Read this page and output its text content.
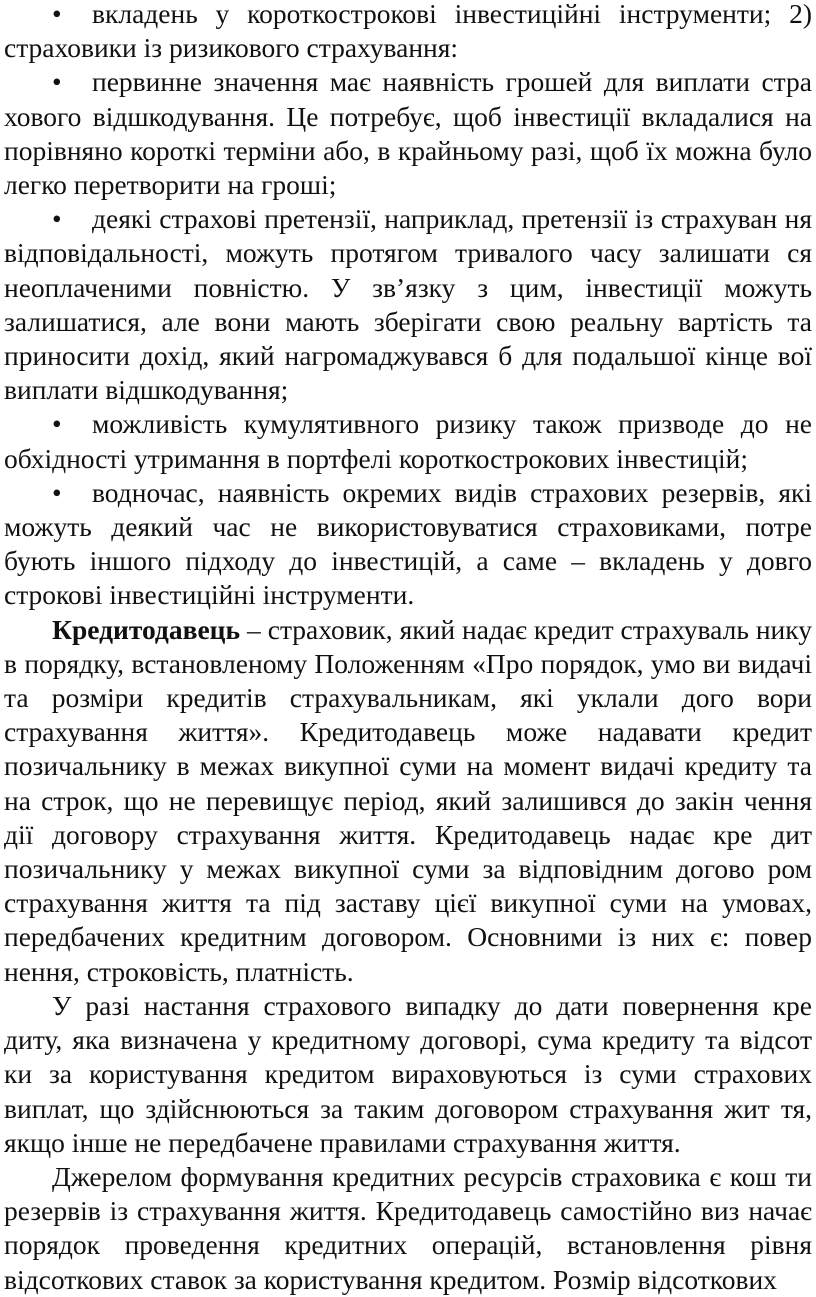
• вкладень у короткострокові інвестиційні інструменти; 2) страховики із ризикового страхування:

• первинне значення має наявність грошей для виплати стра хового відшкодування. Це потребує, щоб інвестиції вкладалися на порівняно короткі терміни або, в крайньому разі, щоб їх можна було легко перетворити на гроші;

• деякі страхові претензії, наприклад, претензії із страхуван ня відповідальності, можуть протягом тривалого часу залишати ся неоплаченими повністю. У зв’язку з цим, інвестиції можуть залишатися, але вони мають зберігати свою реальну вартість та приносити дохід, який нагромаджувався б для подальшої кінце вої виплати відшкодування;

• можливість кумулятивного ризику також призводе до не обхідності утримання в портфелі короткострокових інвестицій;

• водночас, наявність окремих видів страхових резервів, які можуть деякий час не використовуватися страховиками, потре бують іншого підходу до інвестицій, а саме – вкладень у довго строкові інвестиційні інструменти.

Кредитодавець – страховик, який надає кредит страхуваль нику в порядку, встановленому Положенням «Про порядок, умо ви видачі та розміри кредитів страхувальникам, які уклали дого вори страхування життя». Кредитодавець може надавати кредит позичальнику в межах викупної суми на момент видачі кредиту та на строк, що не перевищує період, який залишився до закін чення дії договору страхування життя. Кредитодавець надає кре дит позичальнику у межах викупної суми за відповідним догово ром страхування життя та під заставу цієї викупної суми на умовах, передбачених кредитним договором. Основними із них є: повер нення, строковість, платність.

У разі настання страхового випадку до дати повернення кре диту, яка визначена у кредитному договорі, сума кредиту та відсот ки за користування кредитом вираховуються із суми страхових виплат, що здійснюються за таким договором страхування жит тя, якщо інше не передбачене правилами страхування життя.

Джерелом формування кредитних ресурсів страховика є кош ти резервів із страхування життя. Кредитодавець самостійно виз начає порядок проведення кредитних операцій, встановлення рівня відсоткових ставок за користування кредитом. Розмір відсоткових
